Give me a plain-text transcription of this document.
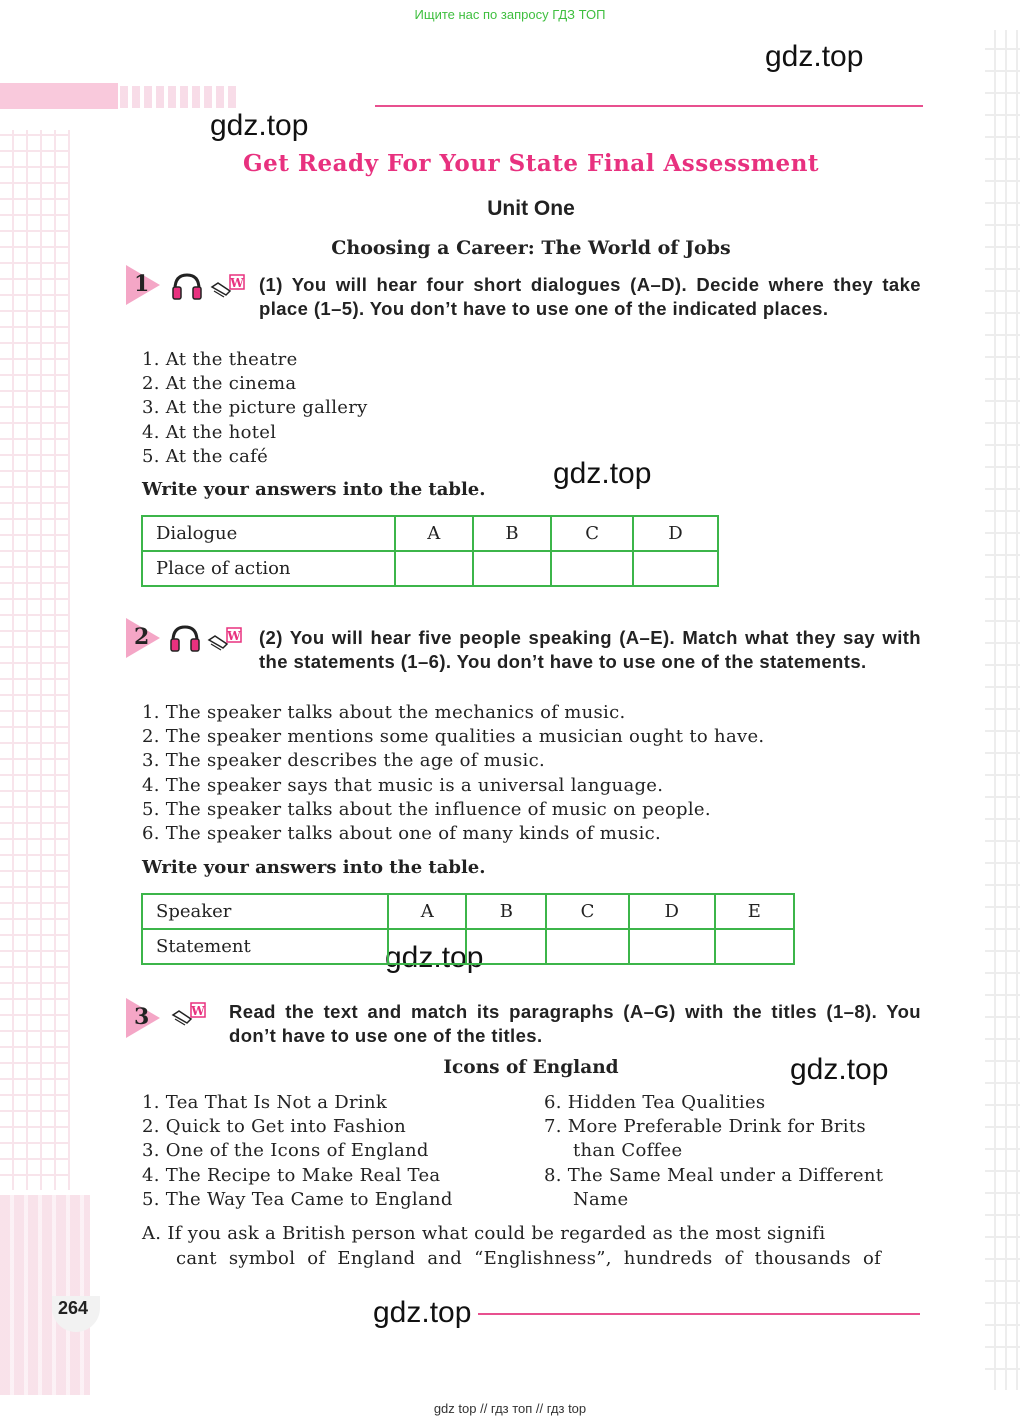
Ищите нас по запросу ГДЗ ТОП
gdz.top
gdz.top
gdz.top
gdz.top
gdz.top
gdz.top
Get Ready For Your State Final Assessment
Unit One
Choosing a Career: The World of Jobs
1	W (1) You will hear four short dialogues (A–D). Decide where they take place (1–5). You don’t have to use one of the indicated places.
1. At the theatre
2. At the cinema
3. At the picture gallery
4. At the hotel
5. At the café
Write your answers into the table.
Dialogue	A	B	C	D
Place of action				
2	W (2) You will hear five people speaking (A–E). Match what they say with the statements (1–6). You don’t have to use one of the statements.
1. The speaker talks about the mechanics of music.
2. The speaker mentions some qualities a musician ought to have.
3. The speaker describes the age of music.
4. The speaker says that music is a universal language.
5. The speaker talks about the influence of music on people.
6. The speaker talks about one of many kinds of music.
Write your answers into the table.
Speaker	A	B	C	D	E
Statement					
3	W Read the text and match its paragraphs (A–G) with the titles (1–8). You don’t have to use one of the titles.
Icons of England
1. Tea That Is Not a Drink
2. Quick to Get into Fashion
3. One of the Icons of England
4. The Recipe to Make Real Tea
5. The Way Tea Came to England
6. Hidden Tea Qualities
7. More Preferable Drink for Brits
than Coffee
8. The Same Meal under a Different
Name
A. If you ask a British person what could be regarded as the most signifi
cant symbol of England and “Englishness”, hundreds of thousands of
264
gdz top // гдз топ // гдз top
